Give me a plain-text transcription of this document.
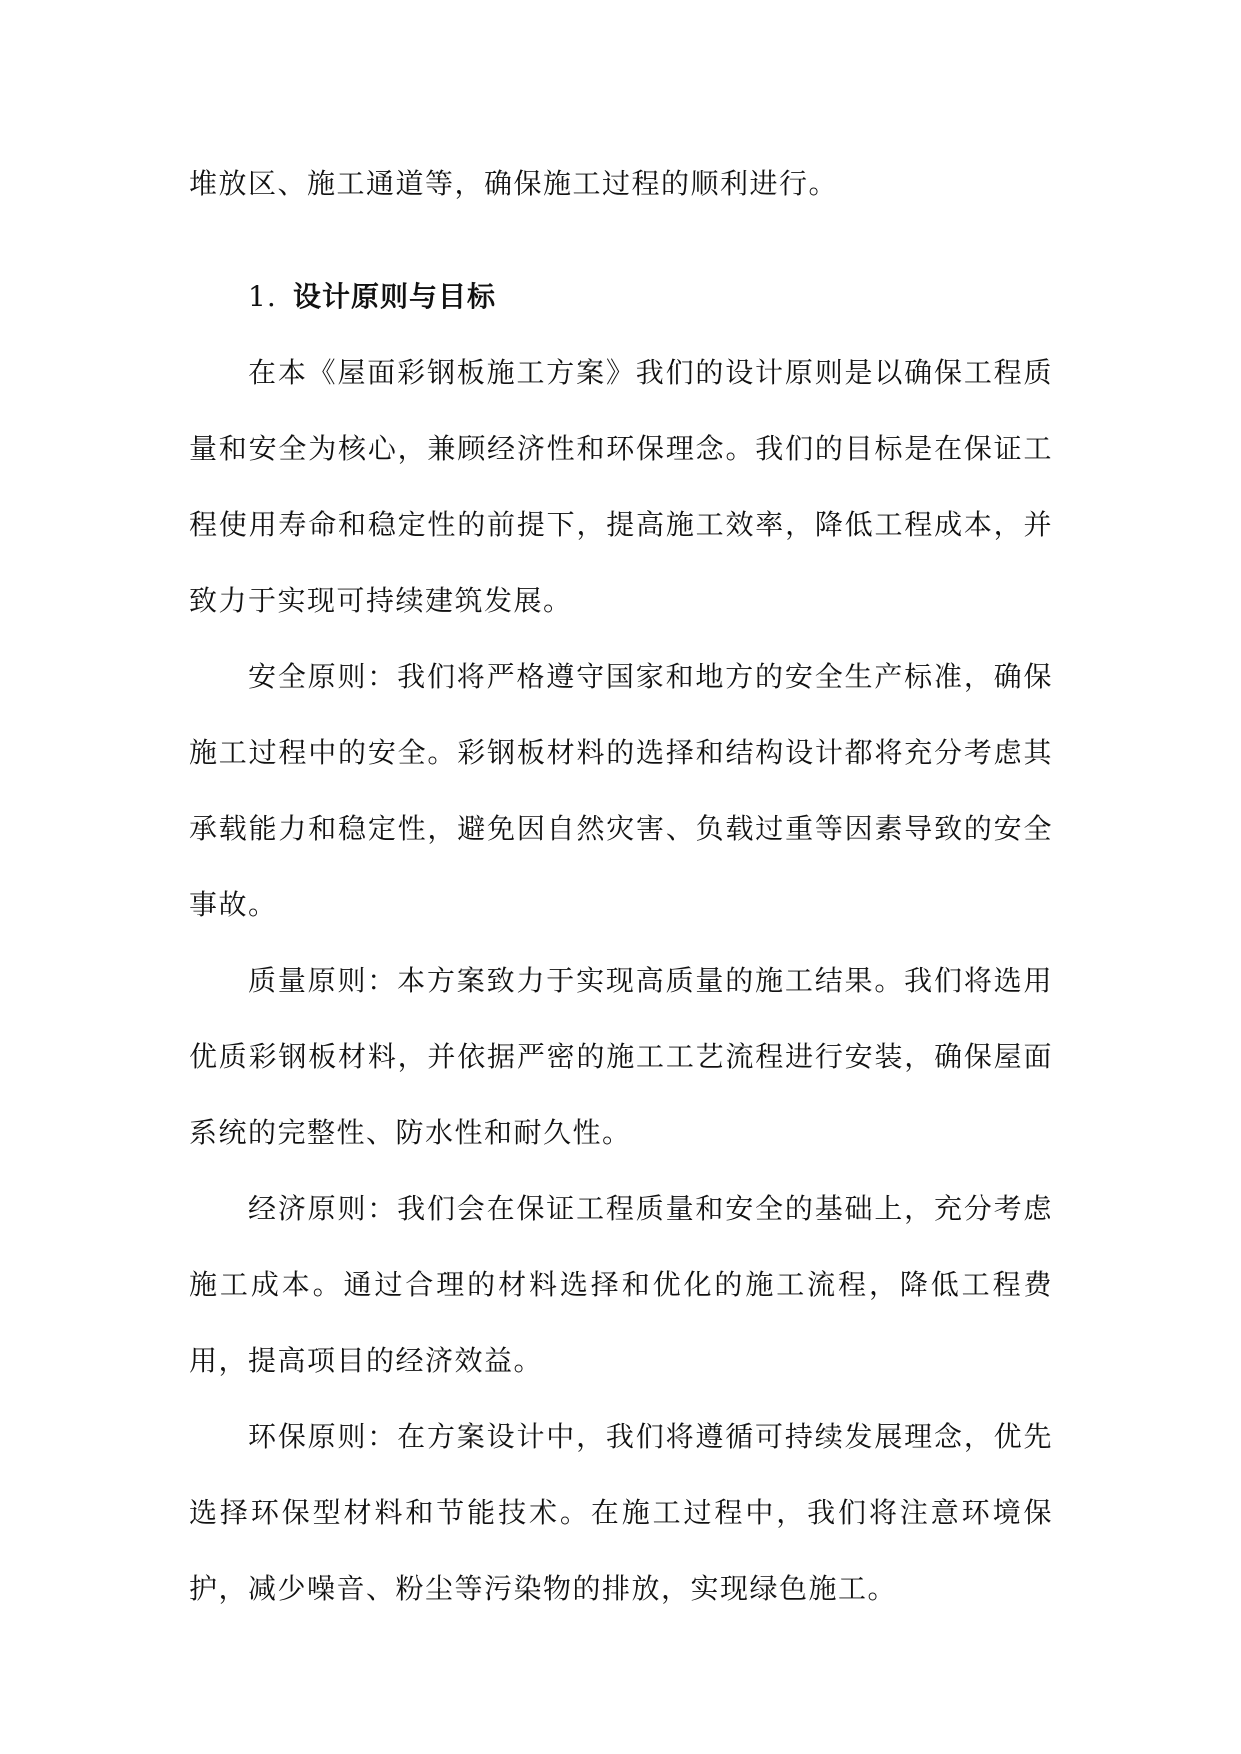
堆放区、施工通道等，确保施工过程的顺利进行。

1. 设计原则与目标

在本《屋面彩钢板施工方案》我们的设计原则是以确保工程质量和安全为核心，兼顾经济性和环保理念。我们的目标是在保证工程使用寿命和稳定性的前提下，提高施工效率，降低工程成本，并致力于实现可持续建筑发展。

安全原则：我们将严格遵守国家和地方的安全生产标准，确保施工过程中的安全。彩钢板材料的选择和结构设计都将充分考虑其承载能力和稳定性，避免因自然灾害、负载过重等因素导致的安全事故。

质量原则：本方案致力于实现高质量的施工结果。我们将选用优质彩钢板材料，并依据严密的施工工艺流程进行安装，确保屋面系统的完整性、防水性和耐久性。

经济原则：我们会在保证工程质量和安全的基础上，充分考虑施工成本。通过合理的材料选择和优化的施工流程，降低工程费用，提高项目的经济效益。

环保原则：在方案设计中，我们将遵循可持续发展理念，优先选择环保型材料和节能技术。在施工过程中，我们将注意环境保护，减少噪音、粉尘等污染物的排放，实现绿色施工。
